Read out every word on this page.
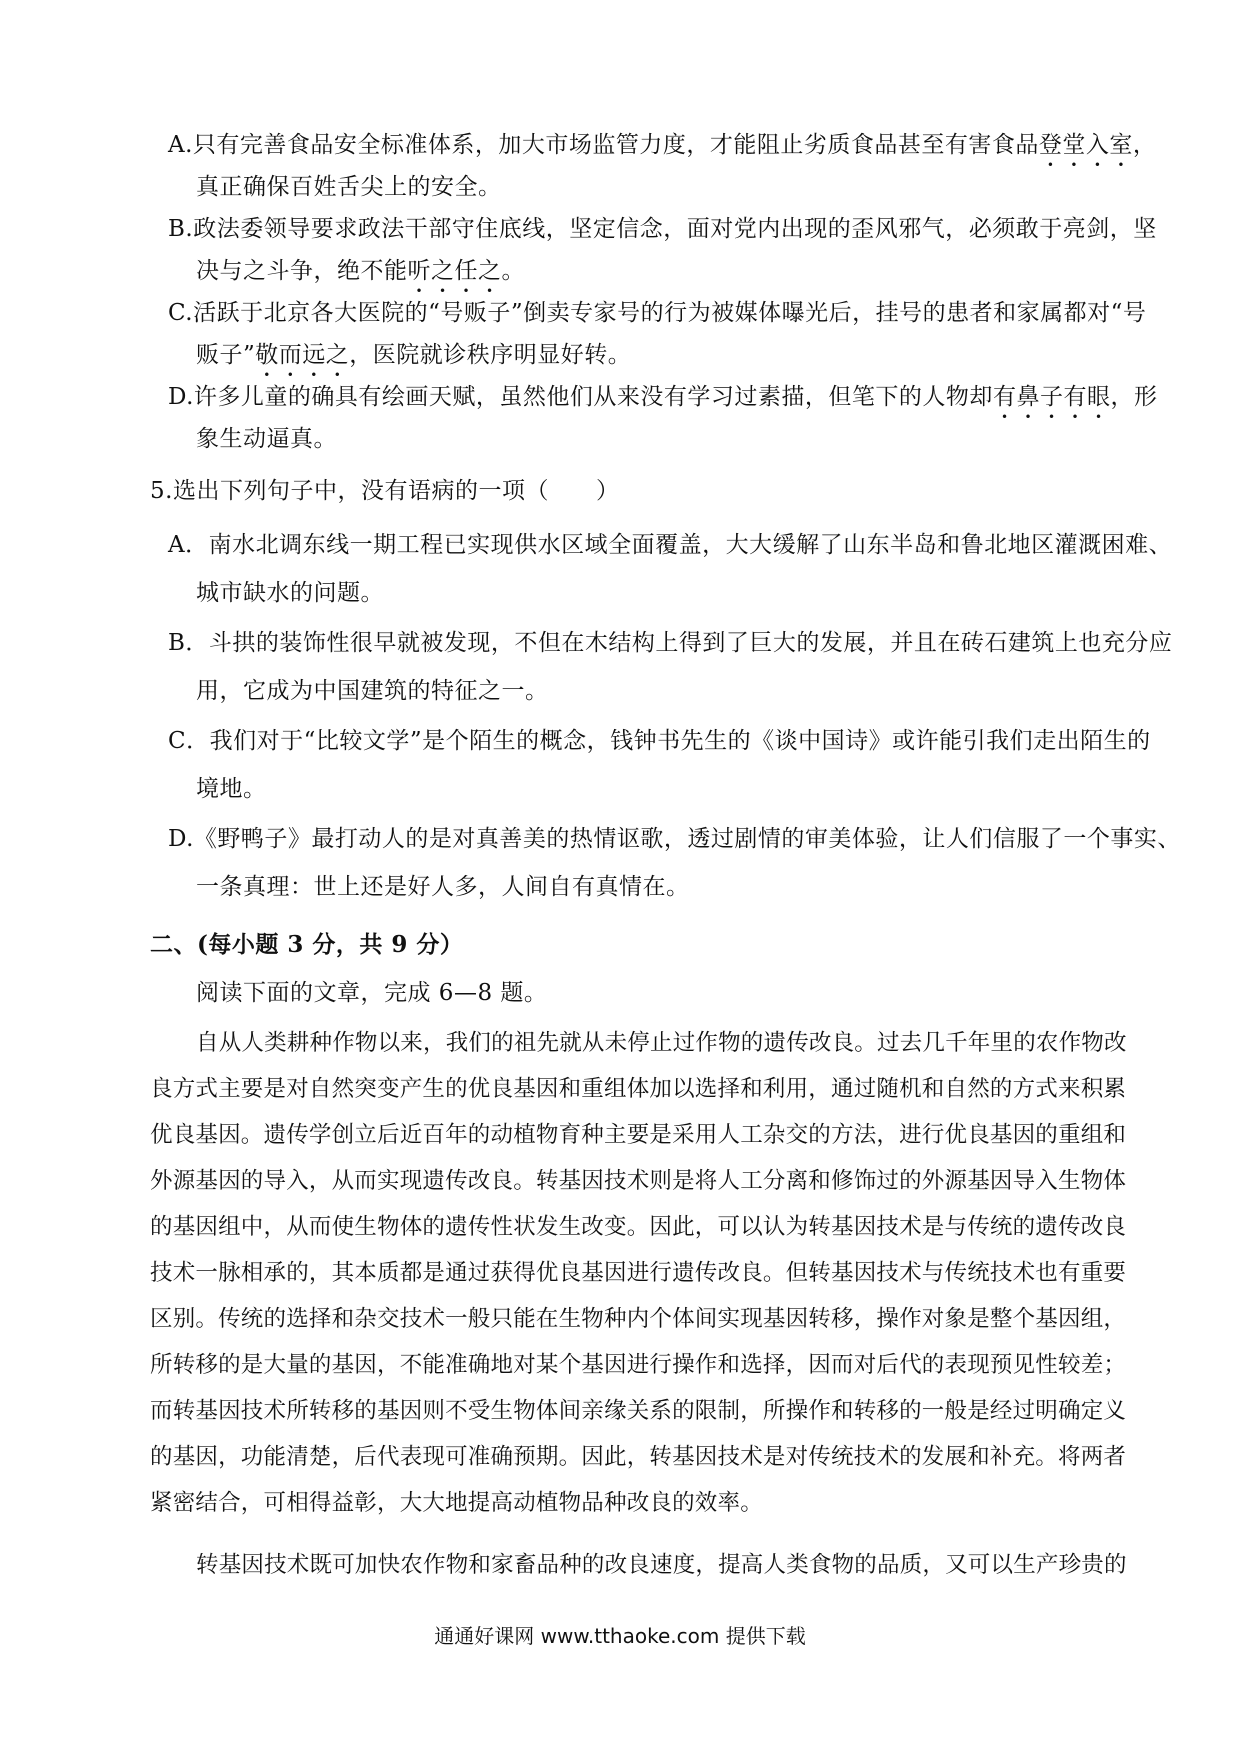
A.只有完善食品安全标准体系，加大市场监管力度，才能阻止劣质食品甚至有害食品登堂入室，
真正确保百姓舌尖上的安全。
B.政法委领导要求政法干部守住底线，坚定信念，面对党内出现的歪风邪气，必须敢于亮剑，坚
决与之斗争，绝不能听之任之。
C.活跃于北京各大医院的“号贩子”倒卖专家号的行为被媒体曝光后，挂号的患者和家属都对“号
贩子”敬而远之，医院就诊秩序明显好转。
D.许多儿童的确具有绘画天赋，虽然他们从来没有学习过素描，但笔下的人物却有鼻子有眼，形
象生动逼真。
5.选出下列句子中，没有语病的一项（　　）
A．南水北调东线一期工程已实现供水区域全面覆盖，大大缓解了山东半岛和鲁北地区灌溉困难、
城市缺水的问题。
B．斗拱的装饰性很早就被发现，不但在木结构上得到了巨大的发展，并且在砖石建筑上也充分应
用，它成为中国建筑的特征之一。
C．我们对于“比较文学”是个陌生的概念，钱钟书先生的《谈中国诗》或许能引我们走出陌生的
境地。
D.《野鸭子》最打动人的是对真善美的热情讴歌，透过剧情的审美体验，让人们信服了一个事实、
一条真理：世上还是好人多，人间自有真情在。
二、(每小题 3 分，共 9 分）
阅读下面的文章，完成 6—8 题。
自从人类耕种作物以来，我们的祖先就从未停止过作物的遗传改良。过去几千年里的农作物改
良方式主要是对自然突变产生的优良基因和重组体加以选择和利用，通过随机和自然的方式来积累
优良基因。遗传学创立后近百年的动植物育种主要是采用人工杂交的方法，进行优良基因的重组和
外源基因的导入，从而实现遗传改良。转基因技术则是将人工分离和修饰过的外源基因导入生物体
的基因组中，从而使生物体的遗传性状发生改变。因此，可以认为转基因技术是与传统的遗传改良
技术一脉相承的，其本质都是通过获得优良基因进行遗传改良。但转基因技术与传统技术也有重要
区别。传统的选择和杂交技术一般只能在生物种内个体间实现基因转移，操作对象是整个基因组，
所转移的是大量的基因，不能准确地对某个基因进行操作和选择，因而对后代的表现预见性较差；
而转基因技术所转移的基因则不受生物体间亲缘关系的限制，所操作和转移的一般是经过明确定义
的基因，功能清楚，后代表现可准确预期。因此，转基因技术是对传统技术的发展和补充。将两者
紧密结合，可相得益彰，大大地提高动植物品种改良的效率。
转基因技术既可加快农作物和家畜品种的改良速度，提高人类食物的品质，又可以生产珍贵的
通通好课网 www.tthaoke.com 提供下载
